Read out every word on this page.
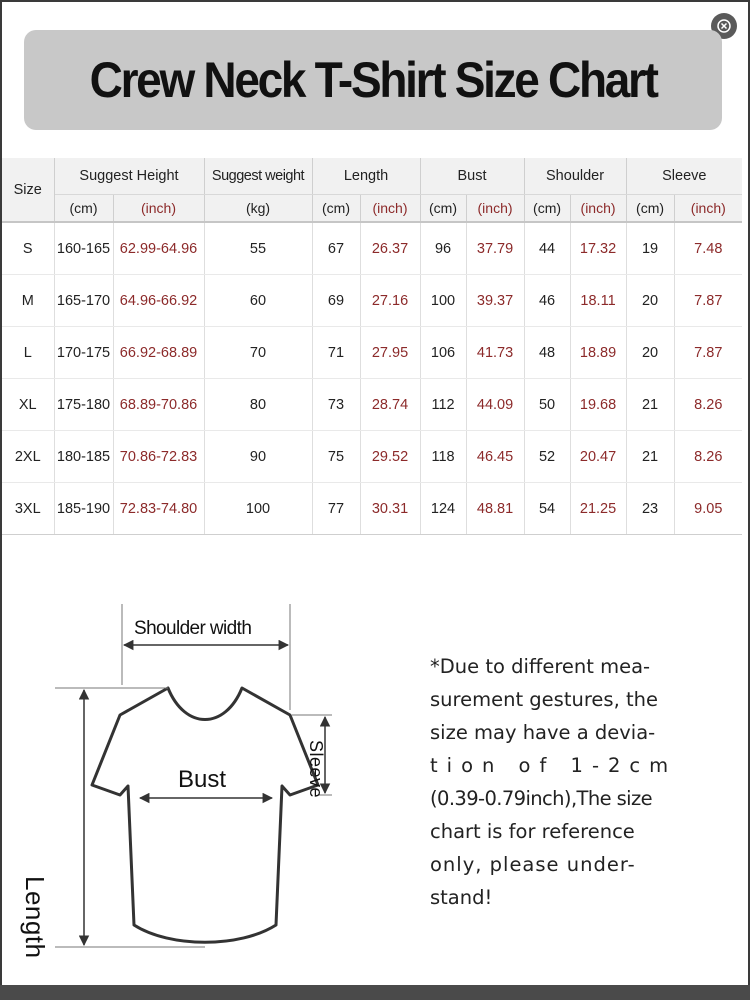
Crew Neck T-Shirt Size Chart
Size	Suggest Height		Suggest weight	Length		Bust		Shoulder		Sleeve	
	(cm)	(inch)	(kg)	(cm)	(inch)	(cm)	(inch)	(cm)	(inch)	(cm)	(inch)
S	160-165	62.99-64.96	55	67	26.37	96	37.79	44	17.32	19	7.48
M	165-170	64.96-66.92	60	69	27.16	100	39.37	46	18.11	20	7.87
L	170-175	66.92-68.89	70	71	27.95	106	41.73	48	18.89	20	7.87
XL	175-180	68.89-70.86	80	73	28.74	112	44.09	50	19.68	21	8.26
2XL	180-185	70.86-72.83	90	75	29.52	118	46.45	52	20.47	21	8.26
3XL	185-190	72.83-74.80	100	77	30.31	124	48.81	54	21.25	23	9.05
Shoulder width
Bust	Sleeve
Length
*Due to different mea-
surement gestures, the
size may have a devia-
tion of 1-2cm
(0.39-0.79inch),The size
chart is for reference
only, please under-
stand!
